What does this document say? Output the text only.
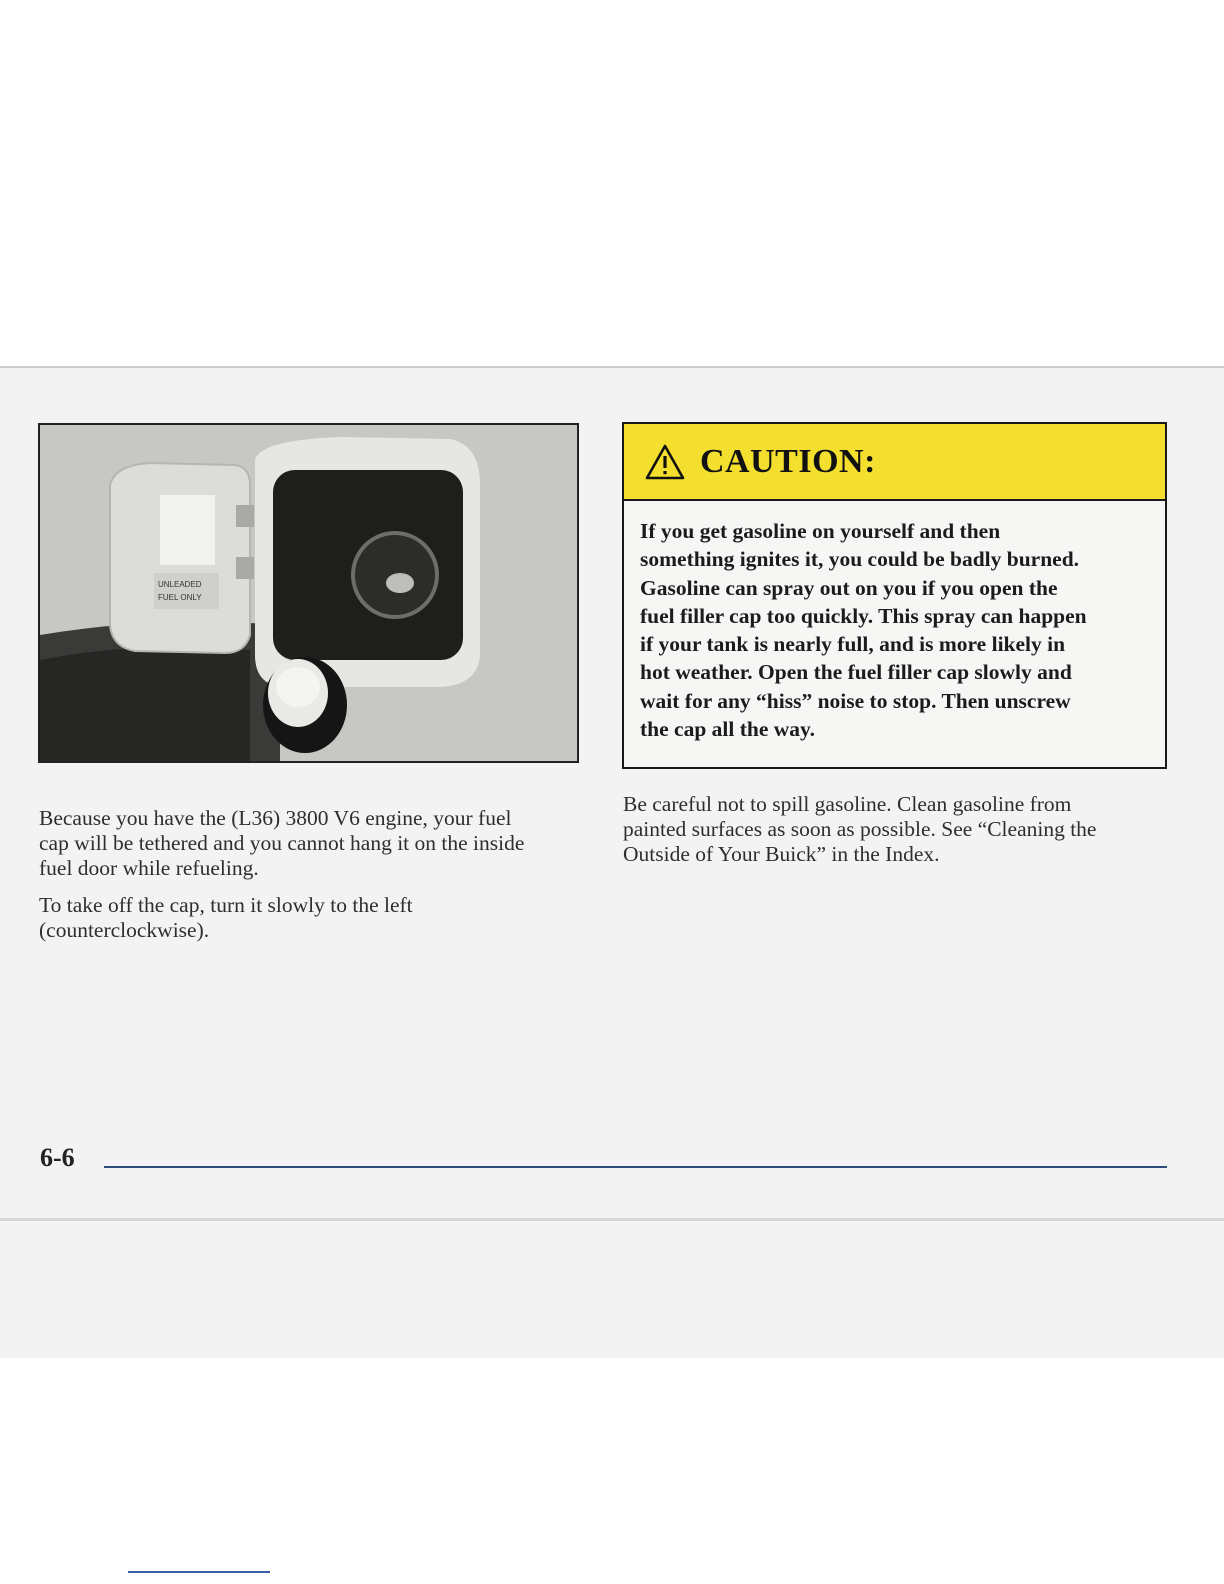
UNLEADED
FUEL ONLY
CAUTION:
If you get gasoline on yourself and then
something ignites it, you could be badly burned.
Gasoline can spray out on you if you open the
fuel filler cap too quickly. This spray can happen
if your tank is nearly full, and is more likely in
hot weather. Open the fuel filler cap slowly and
wait for any “hiss” noise to stop. Then unscrew
the cap all the way.

Because you have the (L36) 3800 V6 engine, your fuel
cap will be tethered and you cannot hang it on the inside
fuel door while refueling.

To take off the cap, turn it slowly to the left
(counterclockwise).

Be careful not to spill gasoline. Clean gasoline from
painted surfaces as soon as possible. See “Cleaning the
Outside of Your Buick” in the Index.

6-6
